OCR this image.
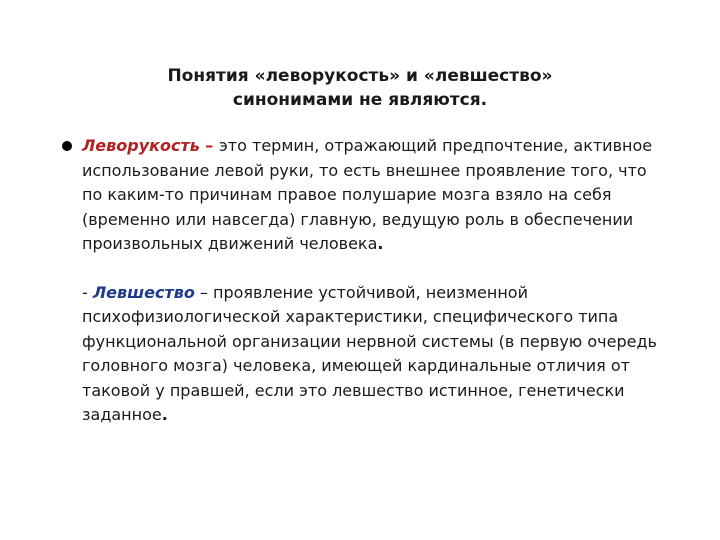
Понятия «леворукость» и «левшество»
синонимами не являются.

Леворукость – это термин, отражающий предпочтение, активное использование левой руки, то есть внешнее проявление того, что по каким-то причинам правое полушарие мозга взяло на себя (временно или навсегда) главную, ведущую роль в обеспечении произвольных движений человека.

- Левшество – проявление устойчивой, неизменной психофизиологической характеристики, специфического типа функциональной организации нервной системы (в первую очередь головного мозга) человека, имеющей кардинальные отличия от таковой у правшей, если это левшество истинное, генетически заданное.
